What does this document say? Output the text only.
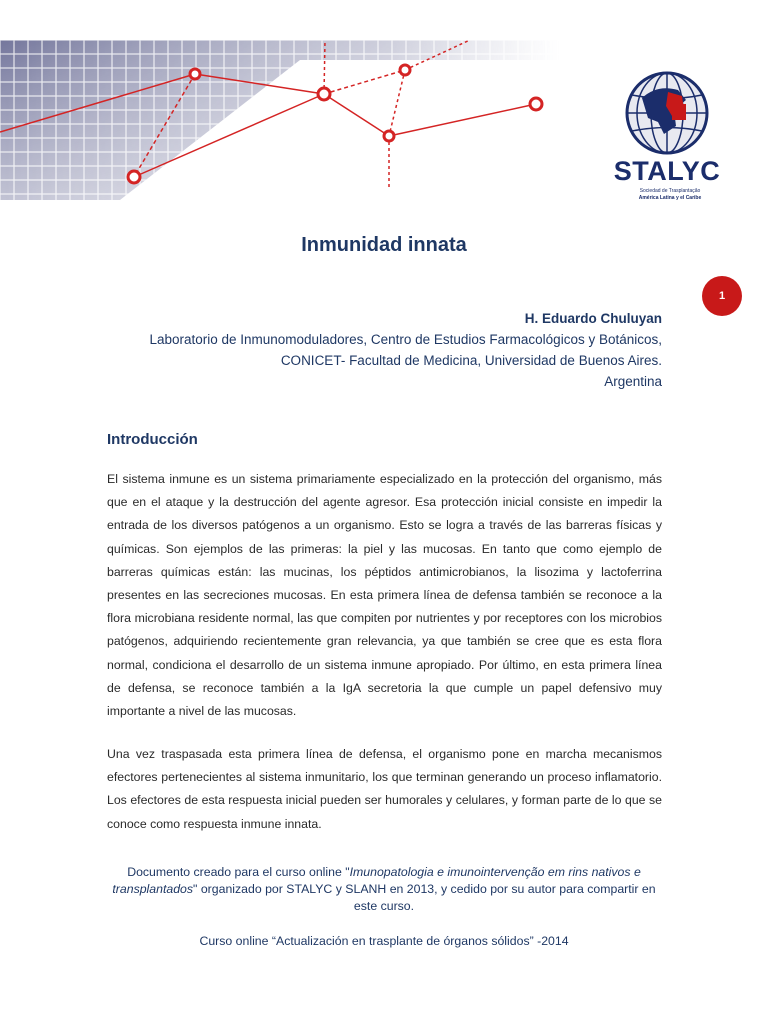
STALYC
Sociedad de Trasplantação
América Latina y el Caribe
Inmunidad innata
1
H. Eduardo Chuluyan
Laboratorio de Inmunomoduladores, Centro de Estudios Farmacológicos y Botánicos,
CONICET- Facultad de Medicina, Universidad de Buenos Aires.
Argentina
Introducción

El sistema inmune es un sistema primariamente especializado en la protección del organismo, más que en el ataque y la destrucción del agente agresor. Esa protección inicial consiste en impedir la entrada de los diversos patógenos a un organismo. Esto se logra a través de las barreras físicas y químicas. Son ejemplos de las primeras: la piel y las mucosas. En tanto que como ejemplo de barreras químicas están: las mucinas, los péptidos antimicrobianos, la lisozima y lactoferrina presentes en las secreciones mucosas. En esta primera línea de defensa también se reconoce a la flora microbiana residente normal, las que compiten por nutrientes y por receptores con los microbios patógenos, adquiriendo recientemente gran relevancia, ya que también se cree que es esta flora normal, condiciona el desarrollo de un sistema inmune apropiado. Por último, en esta primera línea de defensa, se reconoce también a la IgA secretoria la que cumple un papel defensivo muy importante a nivel de las mucosas.

Una vez traspasada esta primera línea de defensa, el organismo pone en marcha mecanismos efectores pertenecientes al sistema inmunitario, los que terminan generando un proceso inflamatorio. Los efectores de esta respuesta inicial pueden ser humorales y celulares, y forman parte de lo que se conoce como respuesta inmune innata.

Documento creado para el curso online "Imunopatologia e imunointervenção em rins nativos e transplantados" organizado por STALYC y SLANH en 2013, y cedido por su autor para compartir en este curso.
Curso online “Actualización en trasplante de órganos sólidos” -2014
